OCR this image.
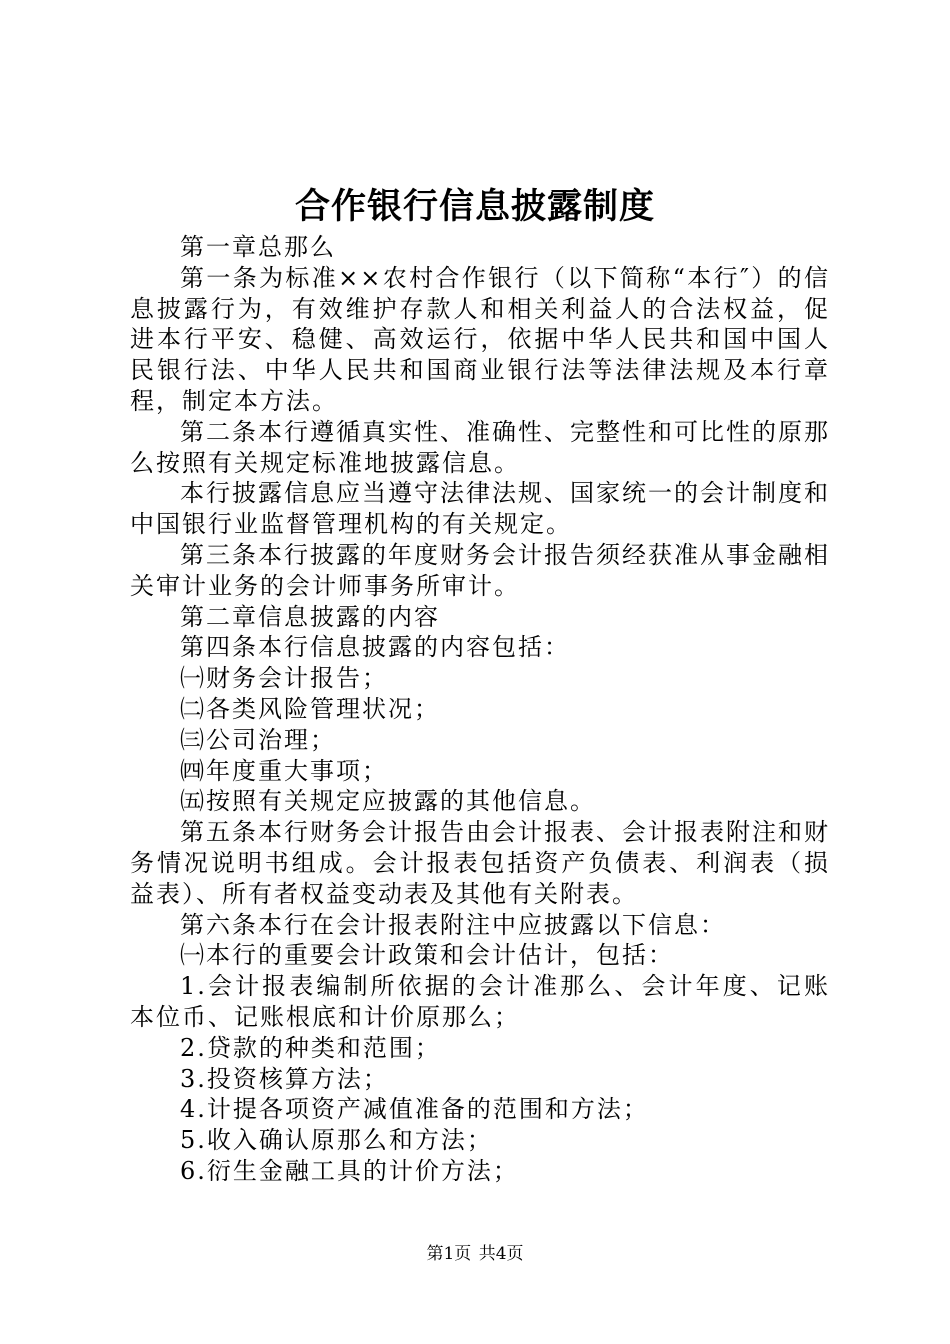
合作银行信息披露制度

第一章总那么

第一条为标准××农村合作银行（以下简称“本行″）的信息披露行为，有效维护存款人和相关利益人的合法权益，促进本行平安、稳健、高效运行，依据中华人民共和国中国人民银行法、中华人民共和国商业银行法等法律法规及本行章程，制定本方法。

第二条本行遵循真实性、准确性、完整性和可比性的原那么按照有关规定标准地披露信息。

本行披露信息应当遵守法律法规、国家统一的会计制度和中国银行业监督管理机构的有关规定。

第三条本行披露的年度财务会计报告须经获准从事金融相关审计业务的会计师事务所审计。

第二章信息披露的内容

第四条本行信息披露的内容包括：

㈠财务会计报告；

㈡各类风险管理状况；

㈢公司治理；

㈣年度重大事项；

㈤按照有关规定应披露的其他信息。

第五条本行财务会计报告由会计报表、会计报表附注和财务情况说明书组成。会计报表包括资产负债表、利润表（损益表）、所有者权益变动表及其他有关附表。

第六条本行在会计报表附注中应披露以下信息：

㈠本行的重要会计政策和会计估计，包括：

1.会计报表编制所依据的会计准那么、会计年度、记账本位币、记账根底和计价原那么；

2.贷款的种类和范围；

3.投资核算方法；

4.计提各项资产减值准备的范围和方法；

5.收入确认原那么和方法；

6.衍生金融工具的计价方法；

第1页 共4页
